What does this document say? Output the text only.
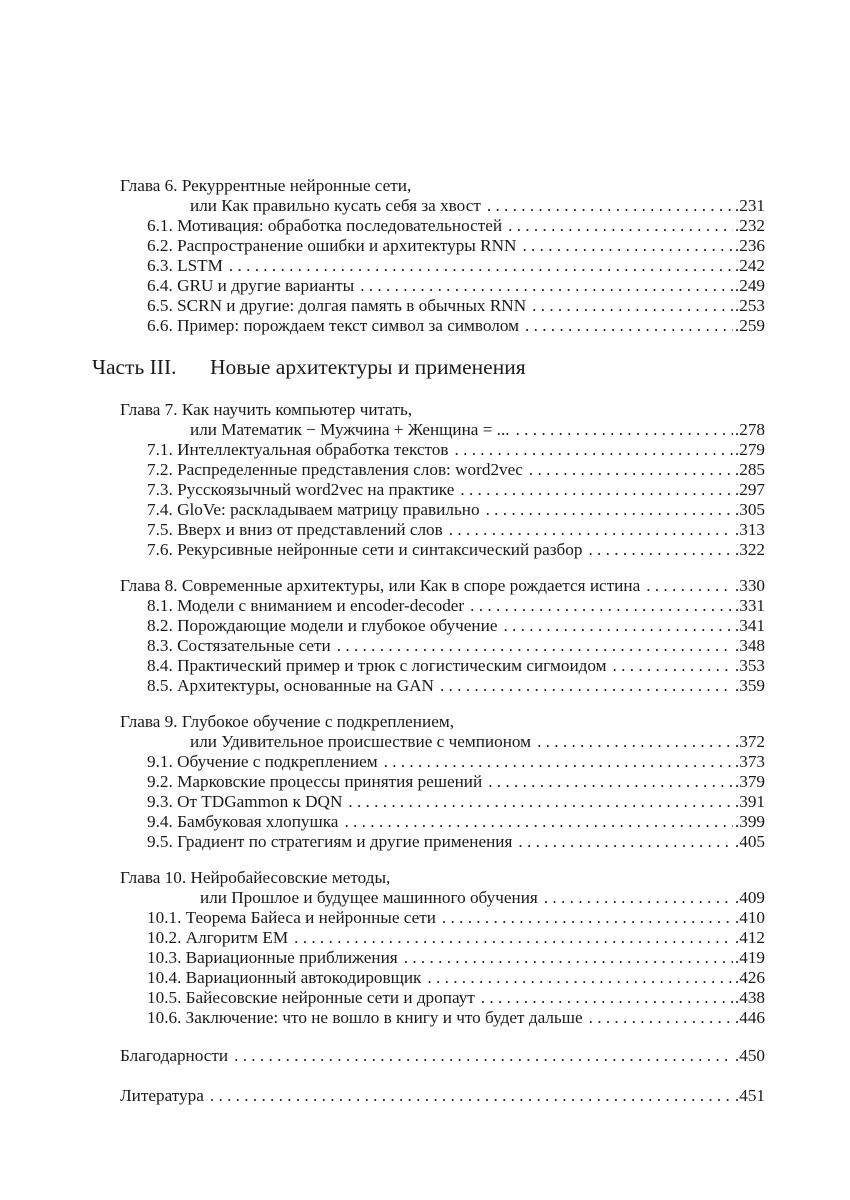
Глава 6. Рекуррентные нейронные сети,
или Как правильно кусать себя за хвост . . .	.231
6.1. Мотивация: обработка последовательностей . . .	.232
6.2. Распространение ошибки и архитектуры RNN . . .	.236
6.3. LSTM . . .	.242
6.4. GRU и другие варианты . . .	.249
6.5. SCRN и другие: долгая память в обычных RNN . . .	.253
6.6. Пример: порождаем текст символ за символом . . .	.259
Часть III. Новые архитектуры и применения
Глава 7. Как научить компьютер читать,
или Математик − Мужчина + Женщина = ... . . .	.278
7.1. Интеллектуальная обработка текстов . . .	.279
7.2. Распределенные представления слов: word2vec . . .	.285
7.3. Русскоязычный word2vec на практике . . .	.297
7.4. GloVe: раскладываем матрицу правильно . . .	.305
7.5. Вверх и вниз от представлений слов . . .	.313
7.6. Рекурсивные нейронные сети и синтаксический разбор . . .	.322
Глава 8. Современные архитектуры, или Как в споре рождается истина . . .	.330
8.1. Модели с вниманием и encoder-decoder . . .	.331
8.2. Порождающие модели и глубокое обучение . . .	.341
8.3. Состязательные сети . . .	.348
8.4. Практический пример и трюк с логистическим сигмоидом . . .	.353
8.5. Архитектуры, основанные на GAN . . .	.359
Глава 9. Глубокое обучение с подкреплением,
или Удивительное происшествие с чемпионом . . .	.372
9.1. Обучение с подкреплением . . .	.373
9.2. Марковские процессы принятия решений . . .	.379
9.3. От TDGammon к DQN . . .	.391
9.4. Бамбуковая хлопушка . . .	.399
9.5. Градиент по стратегиям и другие применения . . .	.405
Глава 10. Нейробайесовские методы,
или Прошлое и будущее машинного обучения . . .	.409
10.1. Теорема Байеса и нейронные сети . . .	.410
10.2. Алгоритм EM . . .	.412
10.3. Вариационные приближения . . .	.419
10.4. Вариационный автокодировщик . . .	.426
10.5. Байесовские нейронные сети и дропаут . . .	.438
10.6. Заключение: что не вошло в книгу и что будет дальше . . .	.446
Благодарности . . .	.450
Литература . . .	.451
